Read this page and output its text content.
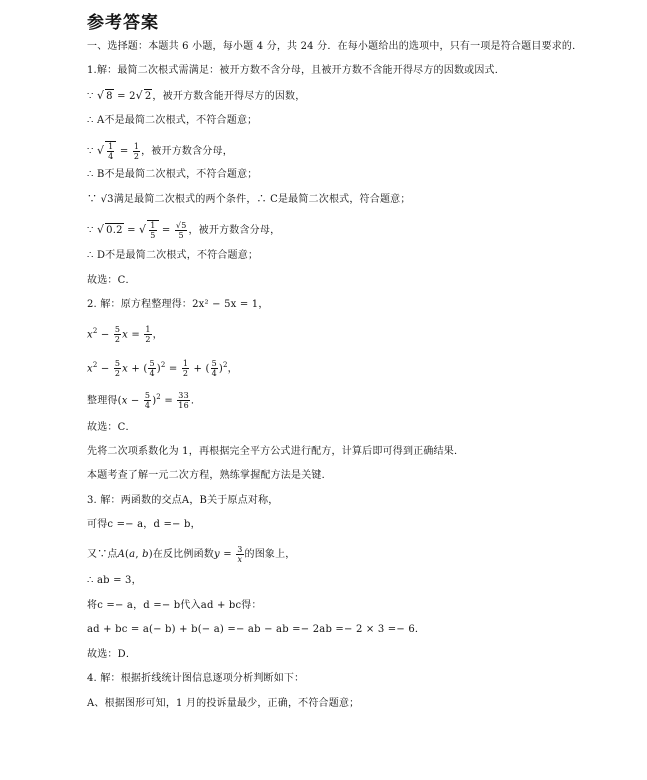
参考答案
一、选择题：本题共 6 小题，每小题 4 分，共 24 分．在每小题给出的选项中，只有一项是符合题目要求的．
1.解：最简二次根式需满足：被开方数不含分母，且被开方数不含能开得尽方的因数或因式．
∵ √ 8 = 2√ 2，被开方数含能开得尽方的因数，
∴ A不是最简二次根式，不符合题意；
∵ √ $\frac{1}{4} = \frac{1}{2}$ ，被开方数含分母，
∴ B不是最简二次根式，不符合题意；
∵ √3满足最简二次根式的两个条件，∴ C是最简二次根式，符合题意；
∵ √ 0.2 = √ $\frac{1}{5} = \frac{√5}{5}$ ，被开方数含分母，
∴ D不是最简二次根式，不符合题意；
故选：C．
2. 解：原方程整理得：2x² − 5x = 1，
$x^2 - \frac{5}{2}$ $x = \frac{1}{2}$ ，
$x^2 - \frac{5}{2}$ x + ( $\frac{5}{4} )^2 = \frac{1}{2}$ + ( $\frac{5}{4} )^2$，
整理得$(x - \frac{5}{4} )^2 = \frac{33}{16}$ ．
故选：C．
先将二次项系数化为 1，再根据完全平方公式进行配方，计算后即可得到正确结果．
本题考查了解一元二次方程，熟练掌握配方法是关键．
3. 解：两函数的交点A，B关于原点对称，
可得c =− a，d =− b，
又∵点A(a, b)在反比例函数$y = \frac{3}{x}$ 的图象上，
∴ ab = 3，
将c =− a，d =− b代入ad + bc得：
ad + bc = a(− b) + b(− a) =− ab − ab =− 2ab =− 2 × 3 =− 6．
故选：D．
4. 解：根据折线统计图信息逐项分析判断如下：
A、根据图形可知，1 月的投诉量最少，正确，不符合题意；
